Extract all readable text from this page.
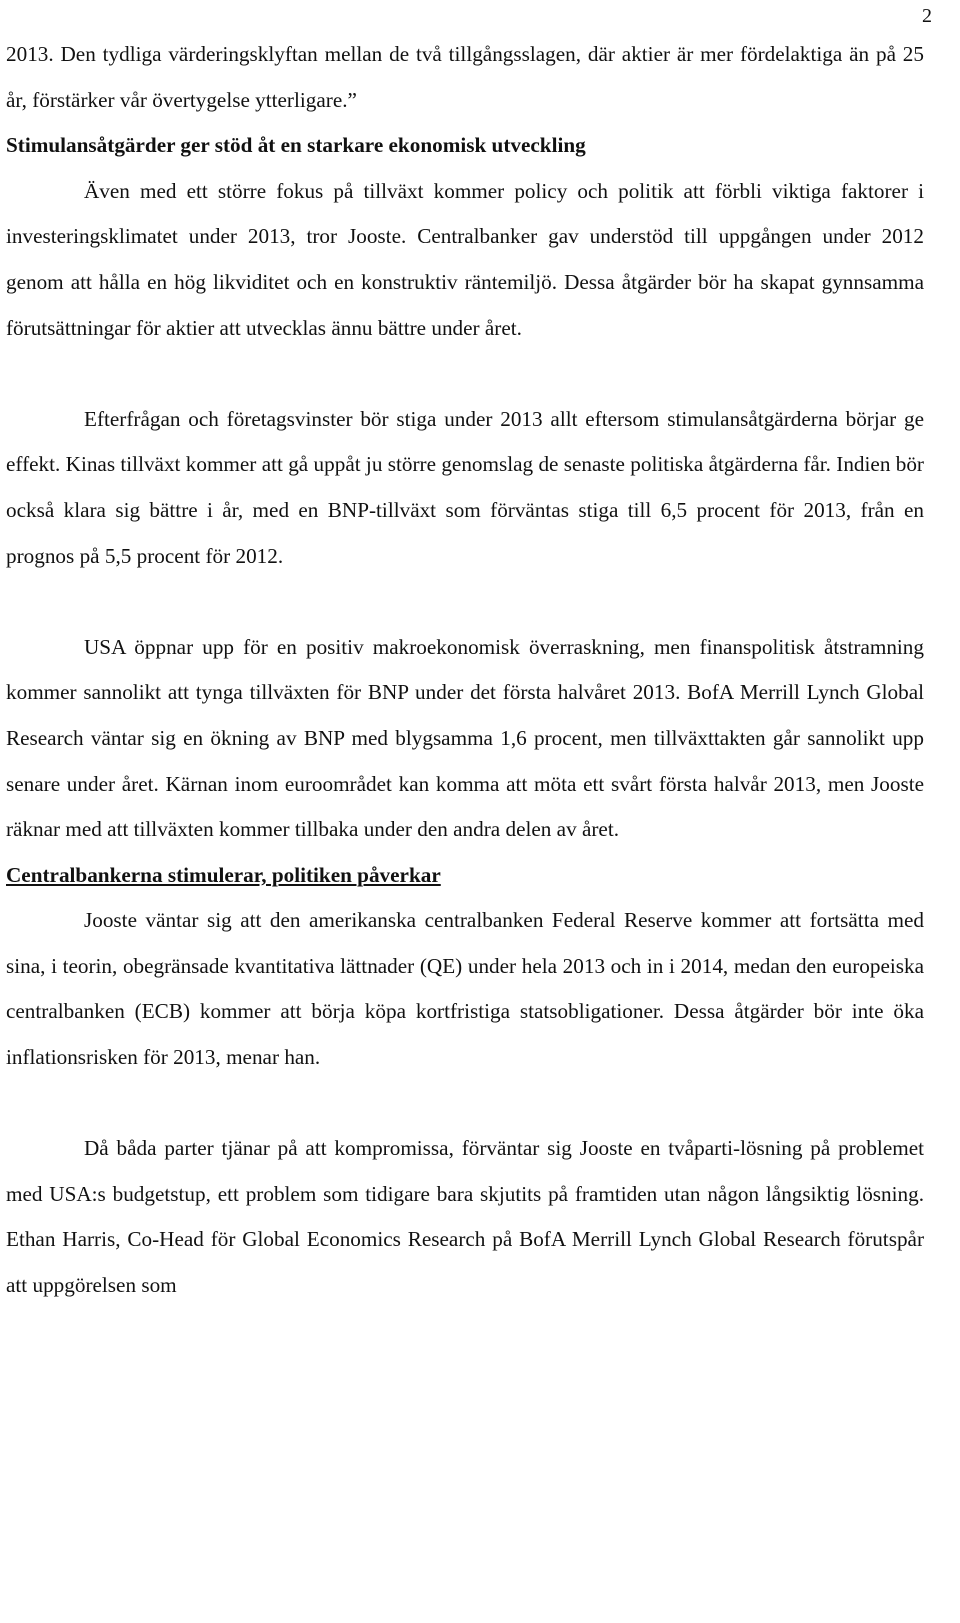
2

2013. Den tydliga värderingsklyftan mellan de två tillgångsslagen, där aktier är mer fördelaktiga än på 25 år, förstärker vår övertygelse ytterligare.”

Stimulansåtgärder ger stöd åt en starkare ekonomisk utveckling

Även med ett större fokus på tillväxt kommer policy och politik att förbli viktiga faktorer i investeringsklimatet under 2013, tror Jooste. Centralbanker gav understöd till uppgången under 2012 genom att hålla en hög likviditet och en konstruktiv räntemiljö. Dessa åtgärder bör ha skapat gynnsamma förutsättningar för aktier att utvecklas ännu bättre under året.

Efterfrågan och företagsvinster bör stiga under 2013 allt eftersom stimulansåtgärderna börjar ge effekt. Kinas tillväxt kommer att gå uppåt ju större genomslag de senaste politiska åtgärderna får. Indien bör också klara sig bättre i år, med en BNP-tillväxt som förväntas stiga till 6,5 procent för 2013, från en prognos på 5,5 procent för 2012.

USA öppnar upp för en positiv makroekonomisk överraskning, men finanspolitisk åtstramning kommer sannolikt att tynga tillväxten för BNP under det första halvåret 2013. BofA Merrill Lynch Global Research väntar sig en ökning av BNP med blygsamma 1,6 procent, men tillväxttakten går sannolikt upp senare under året. Kärnan inom euroområdet kan komma att möta ett svårt första halvår 2013, men Jooste räknar med att tillväxten kommer tillbaka under den andra delen av året.

Centralbankerna stimulerar, politiken påverkar

Jooste väntar sig att den amerikanska centralbanken Federal Reserve kommer att fortsätta med sina, i teorin, obegränsade kvantitativa lättnader (QE) under hela 2013 och in i 2014, medan den europeiska centralbanken (ECB) kommer att börja köpa kortfristiga statsobligationer. Dessa åtgärder bör inte öka inflationsrisken för 2013, menar han.

Då båda parter tjänar på att kompromissa, förväntar sig Jooste en tvåparti-lösning på problemet med USA:s budgetstup, ett problem som tidigare bara skjutits på framtiden utan någon långsiktig lösning. Ethan Harris, Co-Head för Global Economics Research på BofA Merrill Lynch Global Research förutspår att uppgörelsen som
